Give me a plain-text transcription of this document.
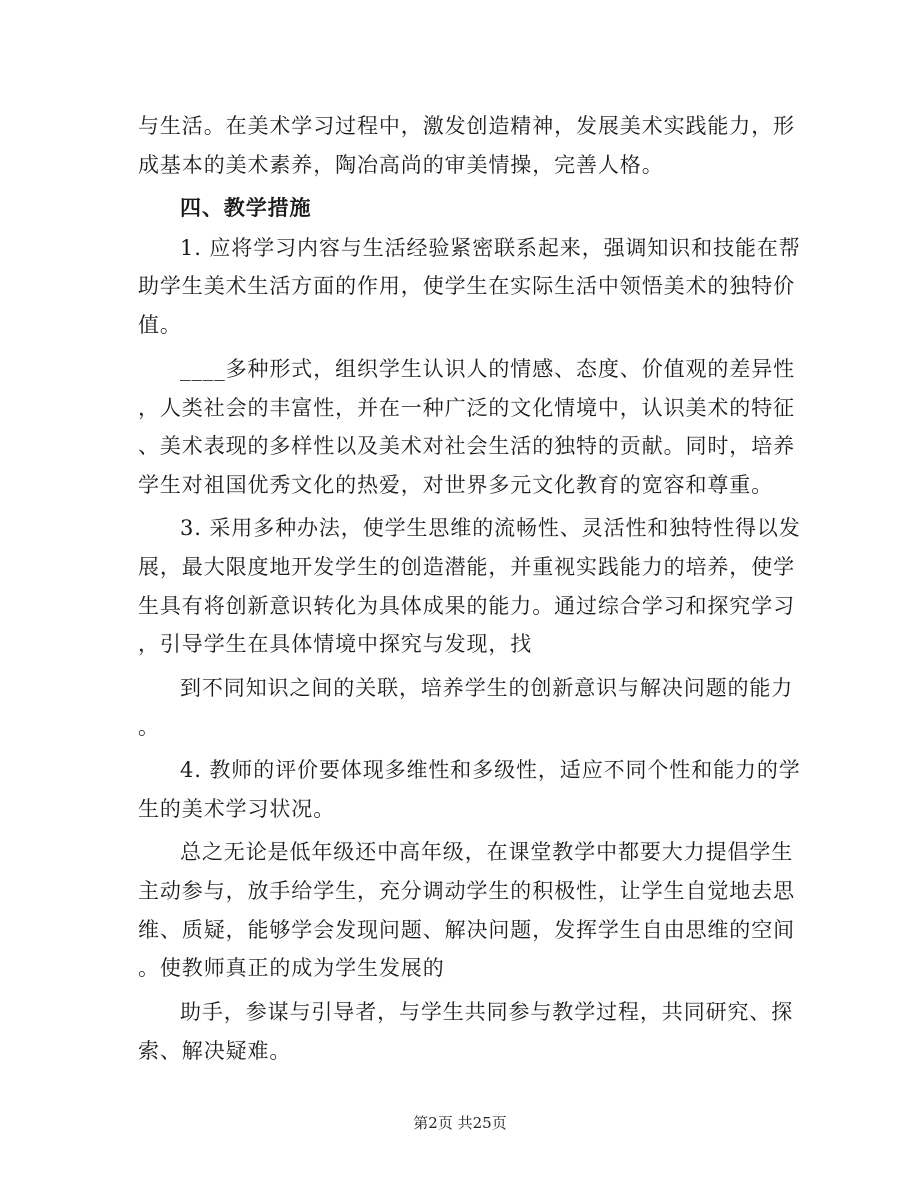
与生活。在美术学习过程中，激发创造精神，发展美术实践能力，形
成基本的美术素养，陶冶高尚的审美情操，完善人格。
四、教学措施
1. 应将学习内容与生活经验紧密联系起来，强调知识和技能在帮
助学生美术生活方面的作用，使学生在实际生活中领悟美术的独特价
值。
____多种形式，组织学生认识人的情感、态度、价值观的差异性
，人类社会的丰富性，并在一种广泛的文化情境中，认识美术的特征
、美术表现的多样性以及美术对社会生活的独特的贡献。同时，培养
学生对祖国优秀文化的热爱，对世界多元文化教育的宽容和尊重。
3. 采用多种办法，使学生思维的流畅性、灵活性和独特性得以发
展，最大限度地开发学生的创造潜能，并重视实践能力的培养，使学
生具有将创新意识转化为具体成果的能力。通过综合学习和探究学习
，引导学生在具体情境中探究与发现，找
到不同知识之间的关联，培养学生的创新意识与解决问题的能力
。
4. 教师的评价要体现多维性和多级性，适应不同个性和能力的学
生的美术学习状况。
总之无论是低年级还中高年级，在课堂教学中都要大力提倡学生
主动参与，放手给学生，充分调动学生的积极性，让学生自觉地去思
维、质疑，能够学会发现问题、解决问题，发挥学生自由思维的空间
。使教师真正的成为学生发展的
助手，参谋与引导者，与学生共同参与教学过程，共同研究、探
索、解决疑难。
第2页 共25页
